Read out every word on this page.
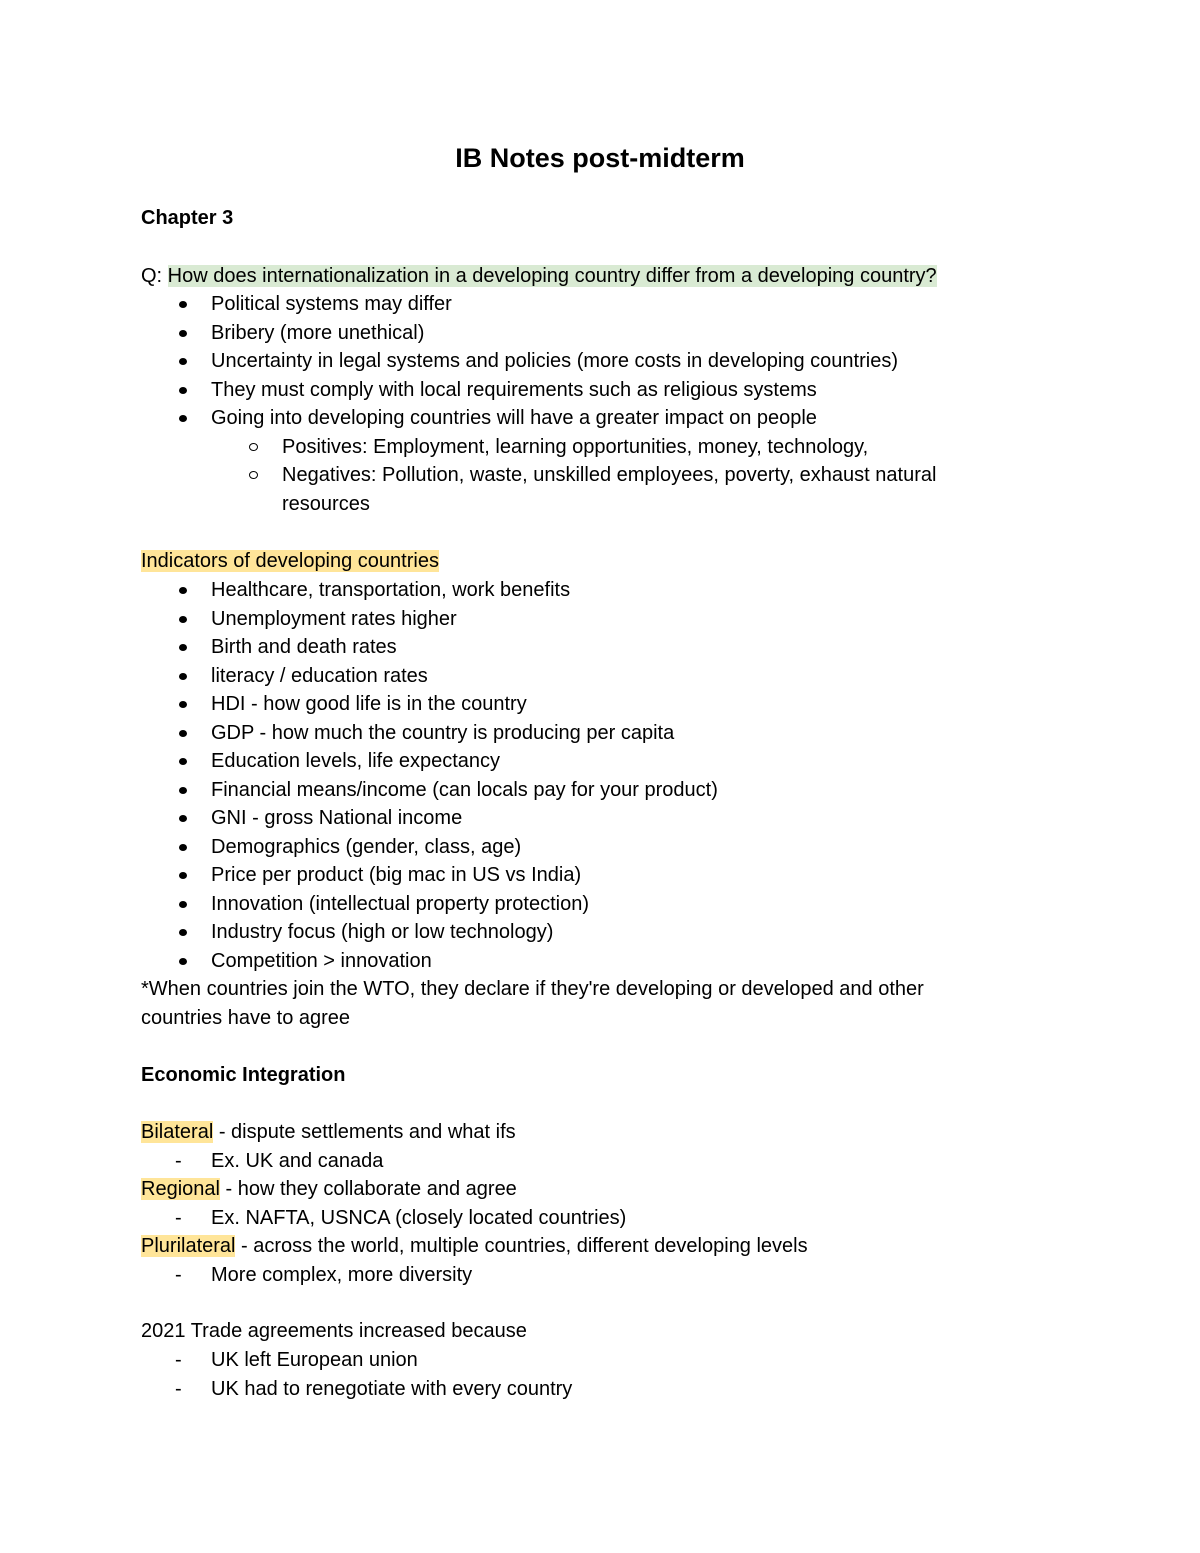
IB Notes post-midterm
Chapter 3
Q: How does internationalization in a developing country differ from a developing country?
Political systems may differ
Bribery (more unethical)
Uncertainty in legal systems and policies (more costs in developing countries)
They must comply with local requirements such as religious systems
Going into developing countries will have a greater impact on people
Positives: Employment, learning opportunities, money, technology,
Negatives: Pollution, waste, unskilled employees, poverty, exhaust natural resources
Indicators of developing countries
Healthcare, transportation, work benefits
Unemployment rates higher
Birth and death rates
literacy / education rates
HDI - how good life is in the country
GDP - how much the country is producing per capita
Education levels, life expectancy
Financial means/income (can locals pay for your product)
GNI - gross National income
Demographics (gender, class, age)
Price per product (big mac in US vs India)
Innovation (intellectual property protection)
Industry focus (high or low technology)
Competition > innovation
*When countries join the WTO, they declare if they're developing or developed and other countries have to agree
Economic Integration
Bilateral - dispute settlements and what ifs
- Ex. UK and canada
Regional - how they collaborate and agree
- Ex. NAFTA, USNCA (closely located countries)
Plurilateral - across the world, multiple countries, different developing levels
- More complex, more diversity
2021 Trade agreements increased because
- UK left European union
- UK had to renegotiate with every country
